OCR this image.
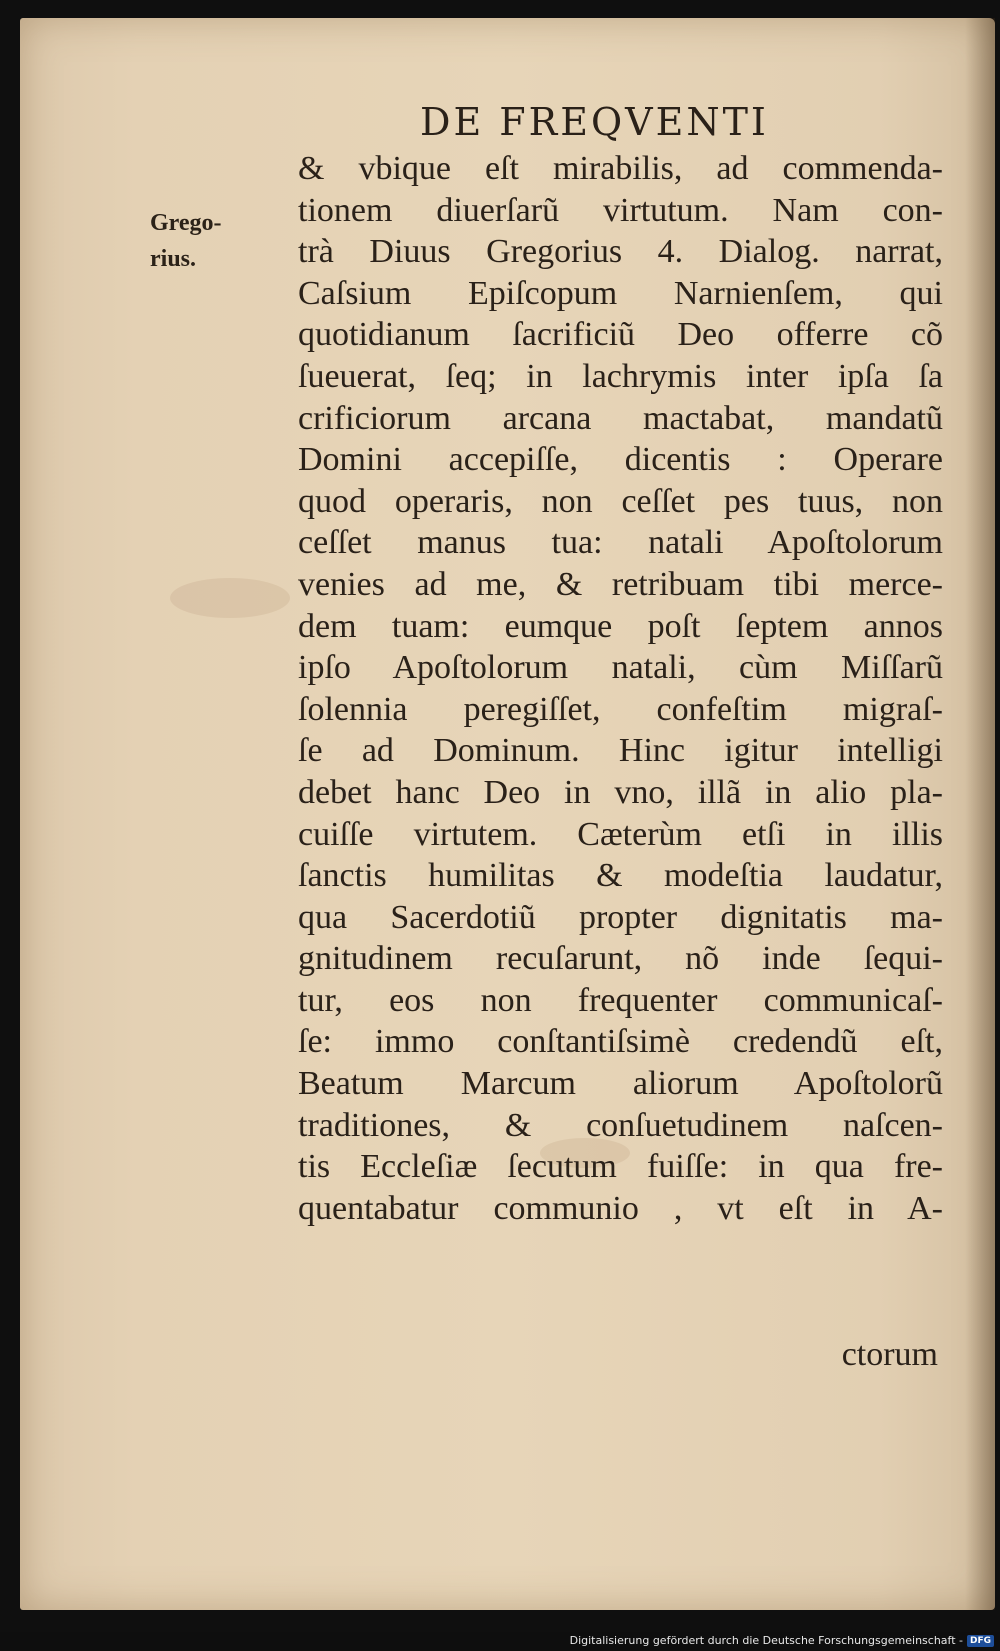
DE FREQVENTI
Grego-
rius.
& vbique eſt mirabilis, ad commenda-
tionem diuerſarũ virtutum. Nam con-
trà Diuus Gregorius 4. Dialog. narrat,
Caſsium Epiſcopum Narnienſem, qui
quotidianum ſacrificiũ Deo offerre cõ
ſueuerat, ſeq; in lachrymis inter ipſa ſa
crificiorum arcana mactabat, mandatũ
Domini accepiſſe, dicentis : Operare
quod operaris, non ceſſet pes tuus, non
ceſſet manus tua: natali Apoſtolorum
venies ad me, & retribuam tibi merce-
dem tuam: eumque poſt ſeptem annos
ipſo Apoſtolorum natali, cùm Miſſarũ
ſolennia peregiſſet, confeſtim migraſ-
ſe ad Dominum. Hinc igitur intelligi
debet hanc Deo in vno, illã in alio pla-
cuiſſe virtutem. Cæterùm etſi in illis
ſanctis humilitas & modeſtia laudatur,
qua Sacerdotiũ propter dignitatis ma-
gnitudinem recuſarunt, nõ inde ſequi-
tur, eos non frequenter communicaſ-
ſe: immo conſtantiſsimè credendũ eſt,
Beatum Marcum aliorum Apoſtolorũ
traditiones, & conſuetudinem naſcen-
tis Eccleſiæ ſecutum fuiſſe: in qua fre-
quentabatur communio , vt eſt in A-
ctorum
Digitalisierung gefördert durch die Deutsche Forschungsgemeinschaft - DFG
